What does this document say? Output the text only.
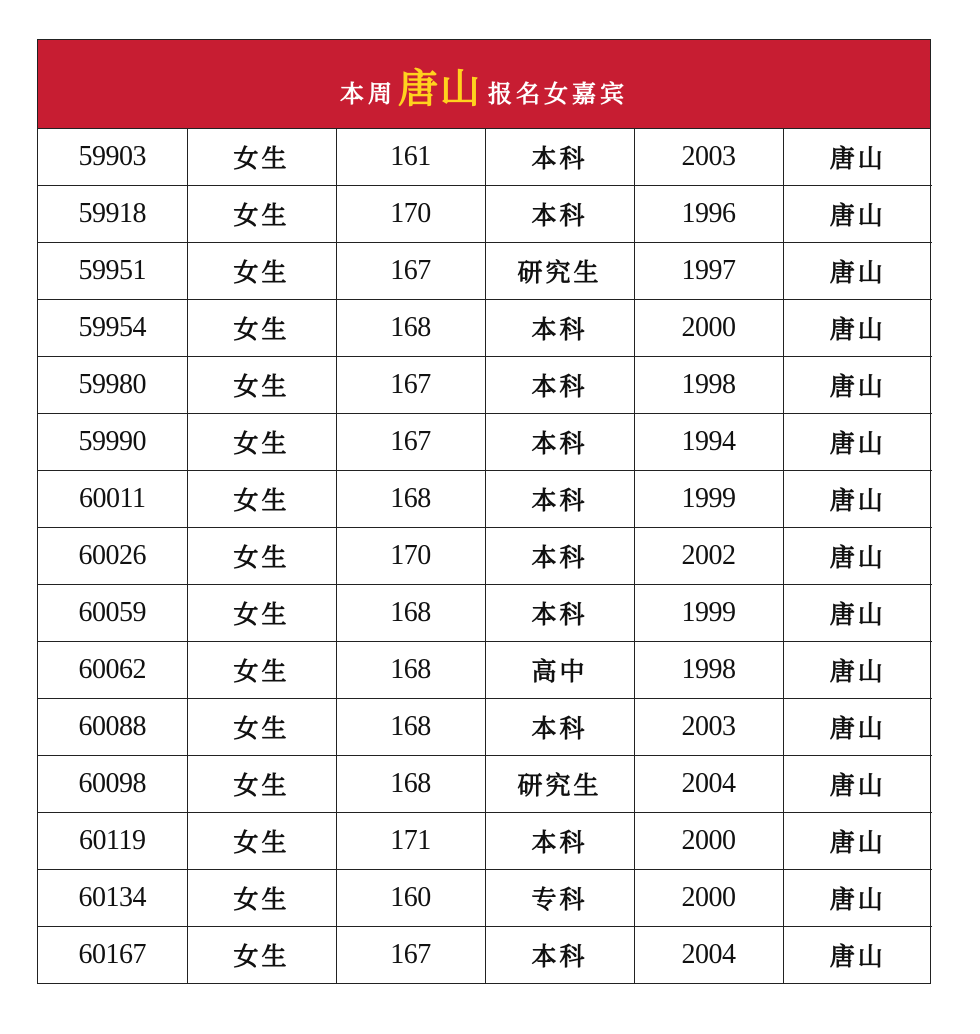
本周 唐山 报名女嘉宾
59903	女生	161	本科	2003	唐山
59918	女生	170	本科	1996	唐山
59951	女生	167	研究生	1997	唐山
59954	女生	168	本科	2000	唐山
59980	女生	167	本科	1998	唐山
59990	女生	167	本科	1994	唐山
60011	女生	168	本科	1999	唐山
60026	女生	170	本科	2002	唐山
60059	女生	168	本科	1999	唐山
60062	女生	168	高中	1998	唐山
60088	女生	168	本科	2003	唐山
60098	女生	168	研究生	2004	唐山
60119	女生	171	本科	2000	唐山
60134	女生	160	专科	2000	唐山
60167	女生	167	本科	2004	唐山
